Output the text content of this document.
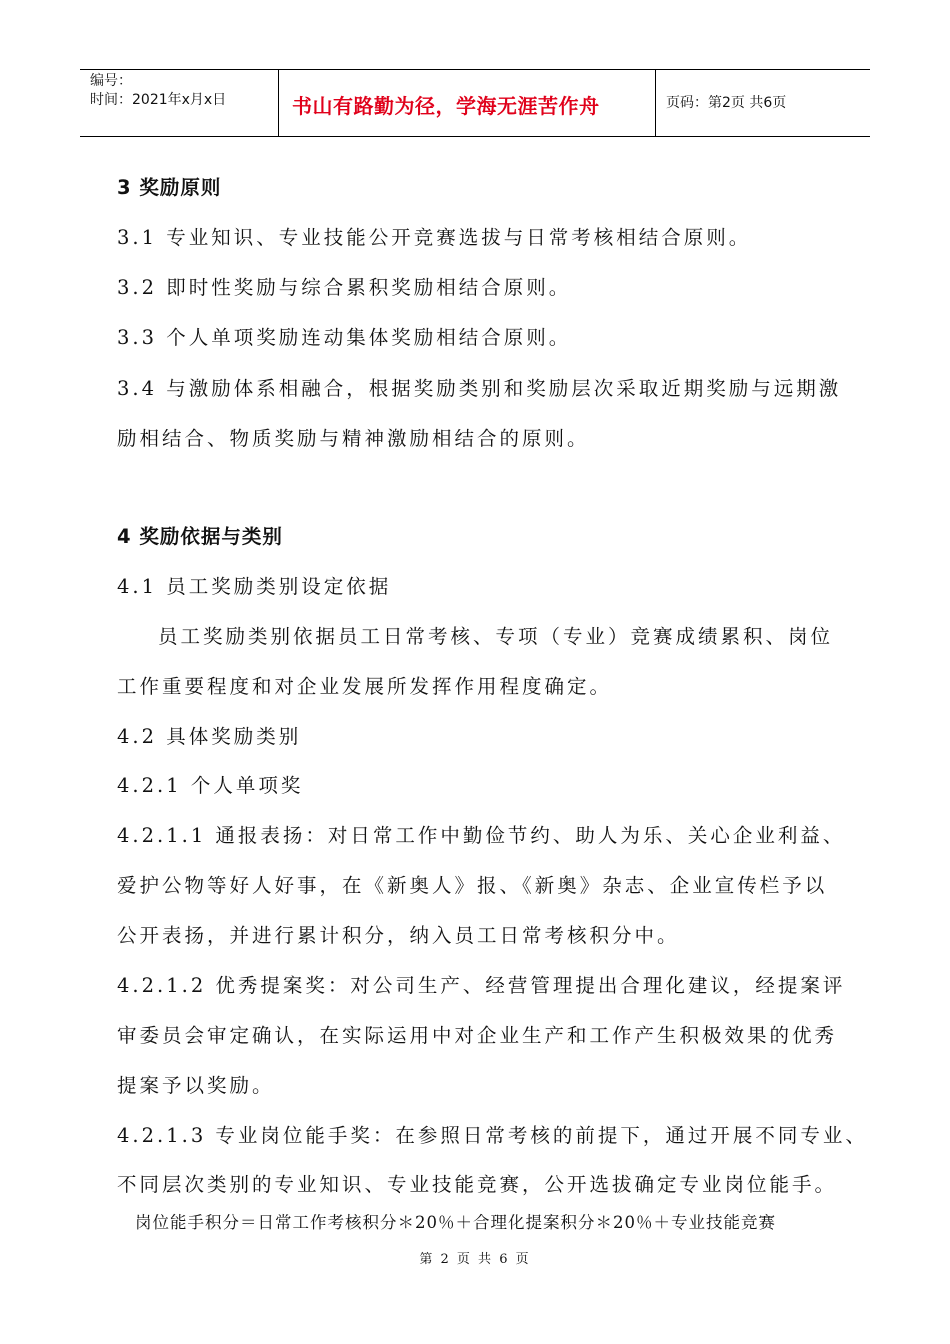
编号：
时间：2021年x月x日	书山有路勤为径，学海无涯苦作舟	页码：第2页 共6页
3 奖励原则
3.1 专业知识、专业技能公开竞赛选拔与日常考核相结合原则。
3.2 即时性奖励与综合累积奖励相结合原则。
3.3 个人单项奖励连动集体奖励相结合原则。
3.4 与激励体系相融合，根据奖励类别和奖励层次采取近期奖励与远期激
励相结合、物质奖励与精神激励相结合的原则。
4 奖励依据与类别
4.1 员工奖励类别设定依据
员工奖励类别依据员工日常考核、专项（专业）竞赛成绩累积、岗位
工作重要程度和对企业发展所发挥作用程度确定。
4.2 具体奖励类别
4.2.1 个人单项奖
4.2.1.1 通报表扬：对日常工作中勤俭节约、助人为乐、关心企业利益、
爱护公物等好人好事，在《新奥人》报、《新奥》杂志、企业宣传栏予以
公开表扬，并进行累计积分，纳入员工日常考核积分中。
4.2.1.2 优秀提案奖：对公司生产、经营管理提出合理化建议，经提案评
审委员会审定确认，在实际运用中对企业生产和工作产生积极效果的优秀
提案予以奖励。
4.2.1.3 专业岗位能手奖：在参照日常考核的前提下，通过开展不同专业、
不同层次类别的专业知识、专业技能竞赛，公开选拔确定专业岗位能手。
岗位能手积分＝日常工作考核积分＊20％＋合理化提案积分＊20％＋专业技能竞赛
第 2 页 共 6 页
